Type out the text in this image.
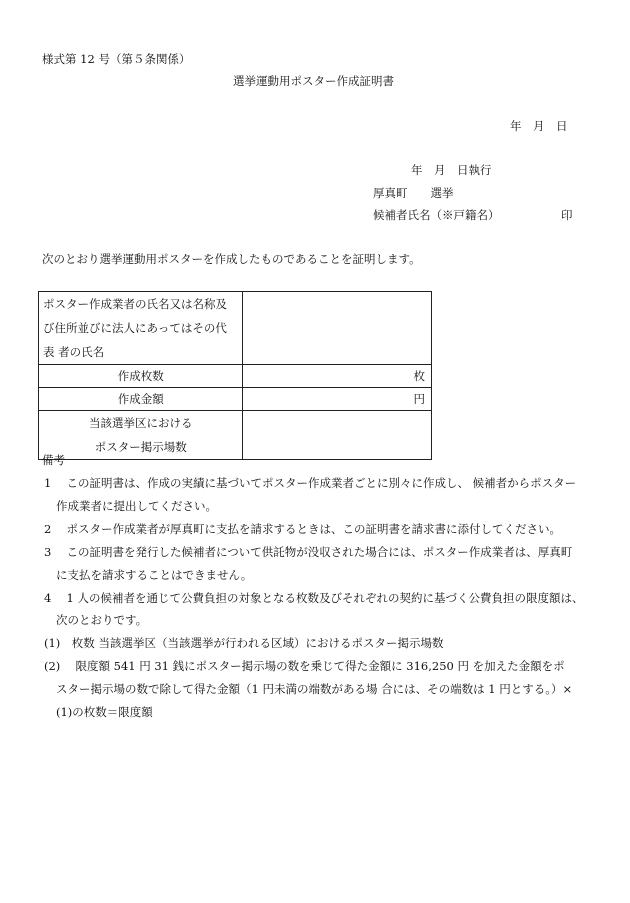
様式第 12 号（第５条関係）
選挙運動用ポスター作成証明書
年　月　日
年　月　日執行
厚真町　　選挙
候補者氏名（※戸籍名）	印
次のとおり選挙運動用ポスターを作成したものであることを証明します。
ポスター作成業者の氏名又は名称及
び住所並びに法人にあってはその代
表 者の氏名	

作成枚数	枚
作成金額	円

当該選挙区における
ポスター掲示場数	

備考
1　 この証明書は、作成の実績に基づいてポスター作成業者ごとに別々に作成し、 候補者からポスター
作成業者に提出してください。
2　 ポスター作成業者が厚真町に支払を請求するときは、この証明書を請求書に添付してください。
3　 この証明書を発行した候補者について供託物が没収された場合には、ポスター作成業者は、厚真町
に支払を請求することはできません。
4　 1 人の候補者を通じて公費負担の対象となる枚数及びそれぞれの契約に基づく公費負担の限度額は、
次のとおりです。
(1)　枚数 当該選挙区（当該選挙が行われる区域）におけるポスター掲示場数
(2)　 限度額 541 円 31 銭にポスター掲示場の数を乗じて得た金額に 316,250 円 を加えた金額をポ
スター掲示場の数で除して得た金額（1 円未満の端数がある場 合には、その端数は 1 円とする。）×
(1)の枚数＝限度額
